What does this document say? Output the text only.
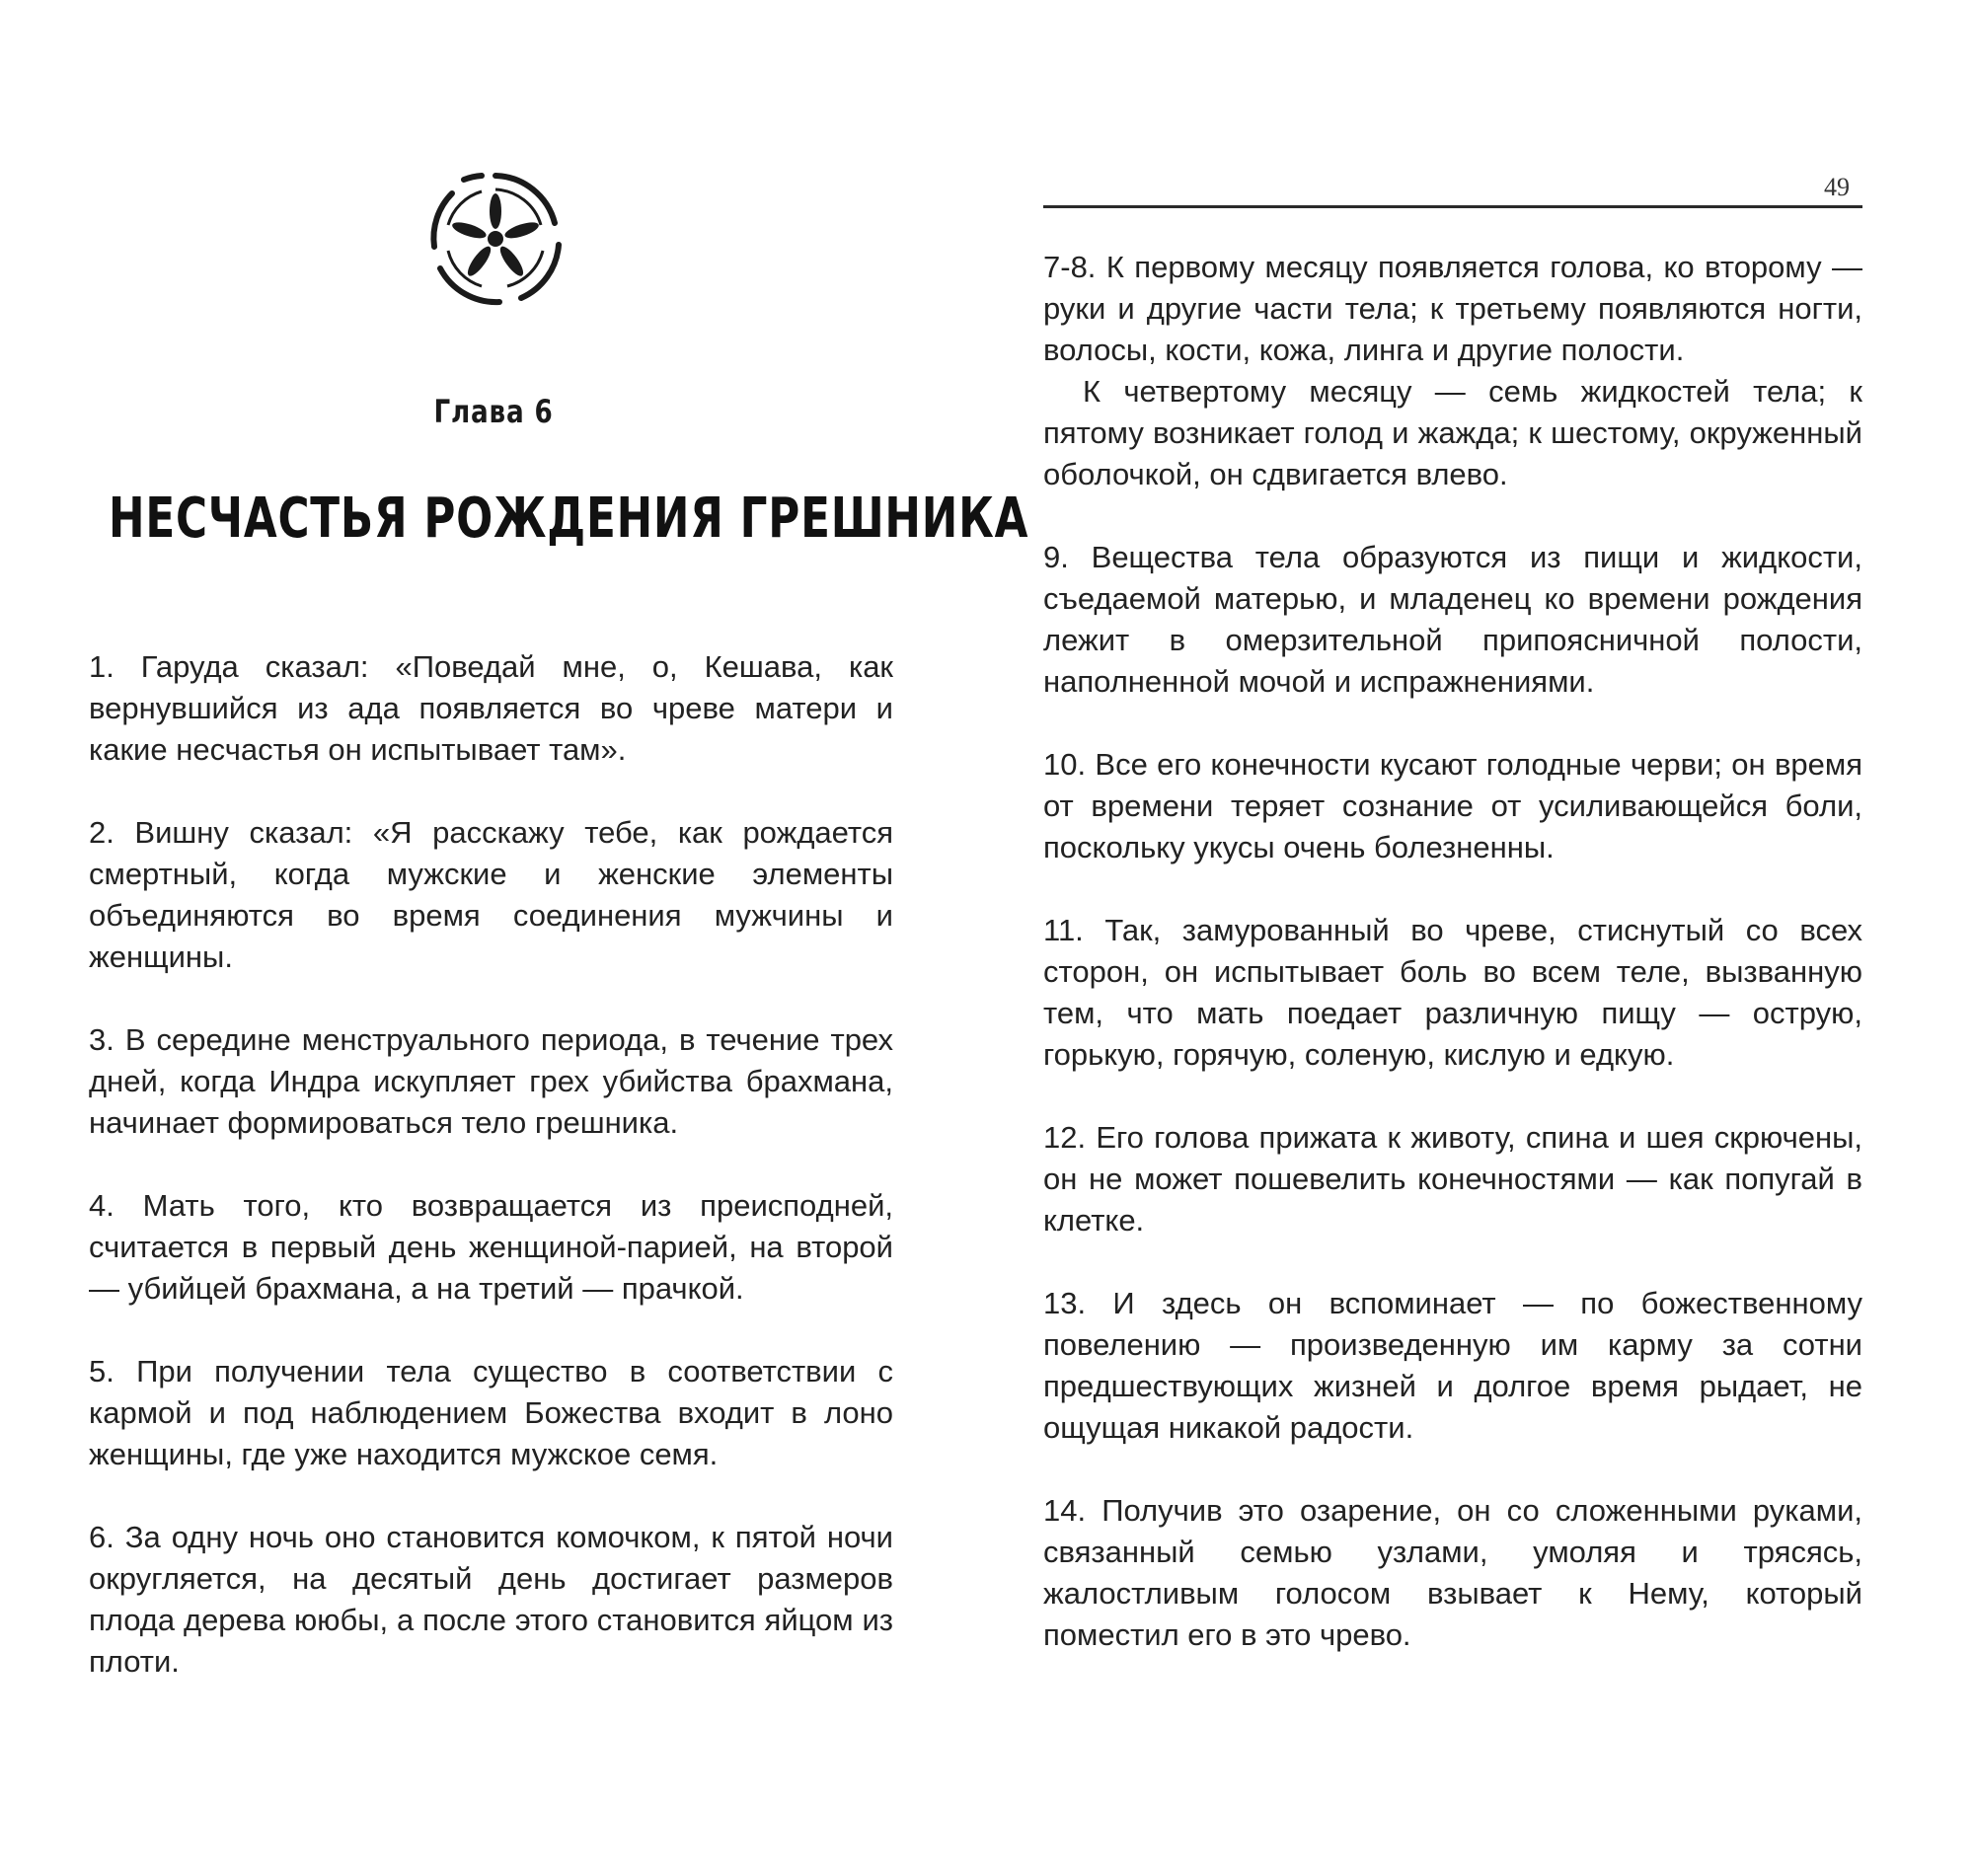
Глава 6
НЕСЧАСТЬЯ РОЖДЕНИЯ ГРЕШНИКА

1. Гаруда сказал: «Поведай мне, о, Кешава, как вернувшийся из ада появляется во чреве матери и какие несчастья он испытывает там».

2. Вишну сказал: «Я расскажу тебе, как рождается смертный, когда мужские и женские элементы объединяются во время соединения мужчины и женщины.

3. В середине менструального периода, в течение трех дней, когда Индра искупляет грех убийства брахмана, начинает формироваться тело грешника.

4. Мать того, кто возвращается из преисподней, считается в первый день женщиной-парией, на второй — убийцей брахмана, а на третий — прачкой.

5. При получении тела существо в соответствии с кармой и под наблюдением Божества входит в лоно женщины, где уже находится мужское семя.

6. За одну ночь оно становится комочком, к пятой ночи округляется, на десятый день достигает размеров плода дерева ююбы, а после этого становится яйцом из плоти.

49

7-8. К первому месяцу появляется голова, ко второму — руки и другие части тела; к третьему появляются ногти, волосы, кости, кожа, линга и другие полости.

К четвертому месяцу — семь жидкостей тела; к пятому возникает голод и жажда; к шестому, окруженный оболочкой, он сдвигается влево.

9. Вещества тела образуются из пищи и жидкости, съедаемой матерью, и младенец ко времени рождения лежит в омерзительной припоясничной полости, наполненной мочой и испражнениями.

10. Все его конечности кусают голодные черви; он время от времени теряет сознание от усиливающейся боли, поскольку укусы очень болезненны.

11. Так, замурованный во чреве, стиснутый со всех сторон, он испытывает боль во всем теле, вызванную тем, что мать поедает различную пищу — острую, горькую, горячую, соленую, кислую и едкую.

12. Его голова прижата к животу, спина и шея скрючены, он не может пошевелить конечностями — как попугай в клетке.

13. И здесь он вспоминает — по божественному повелению — произведенную им карму за сотни предшествующих жизней и долгое время рыдает, не ощущая никакой радости.

14. Получив это озарение, он со сложенными руками, связанный семью узлами, умоляя и трясясь, жалостливым голосом взывает к Нему, который поместил его в это чрево.
